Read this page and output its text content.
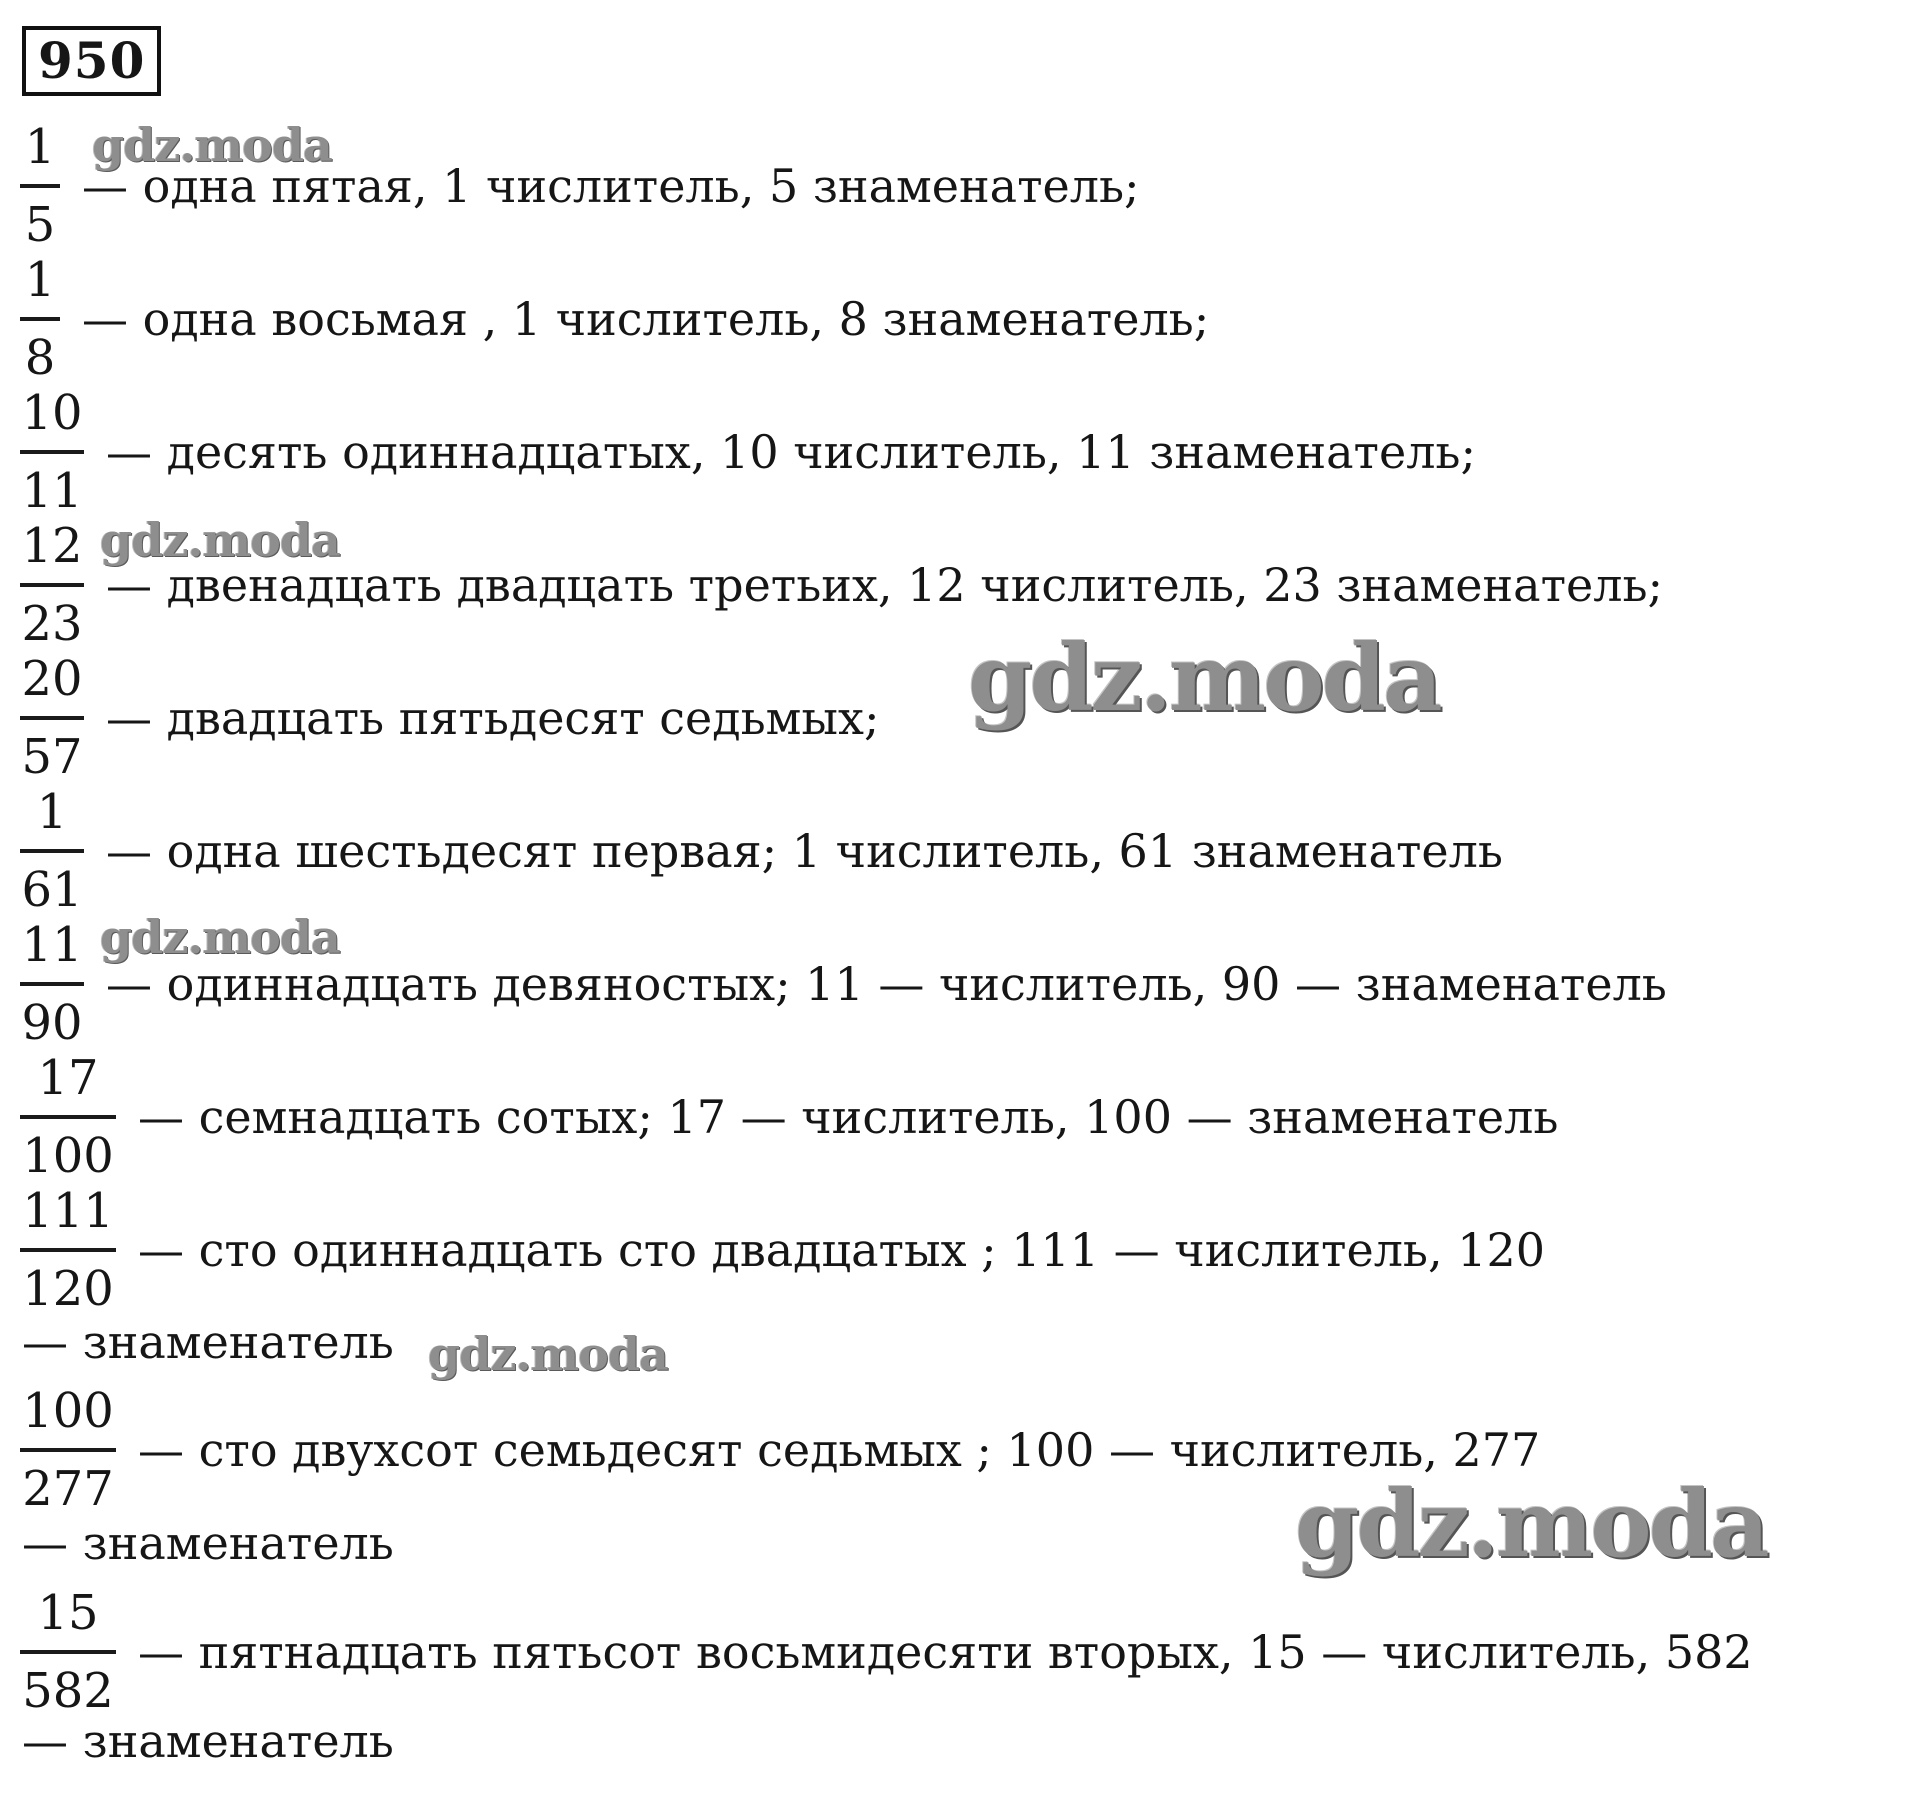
950
$\frac{1}{5}$ — одна пятая, 1 числитель, 5 знаменатель;
$\frac{1}{8}$ — одна восьмая , 1 числитель, 8 знаменатель;
$\frac{10}{11}$ — десять одиннадцатых, 10 числитель, 11 знаменатель;
$\frac{12}{23}$ — двенадцать двадцать третьих, 12 числитель, 23 знаменатель;
$\frac{20}{57}$ — двадцать пятьдесят седьмых;
$\frac{1}{61}$ — одна шестьдесят первая; 1 числитель, 61 знаменатель
$\frac{11}{90}$ — одиннадцать девяностых; 11 — числитель, 90 — знаменатель
$\frac{17}{100}$ — семнадцать сотых; 17 — числитель, 100 — знаменатель
$\frac{111}{120}$ — сто одиннадцать сто двадцатых ; 111 — числитель, 120
— знаменатель
$\frac{100}{277}$ — сто двухсот семьдесят седьмых ; 100 — числитель, 277
— знаменатель
$\frac{15}{582}$ — пятнадцать пятьсот восьмидесяти вторых, 15 — числитель, 582
— знаменатель
gdz.moda
gdz.moda
gdz.moda
gdz.moda
gdz.moda
gdz.moda
